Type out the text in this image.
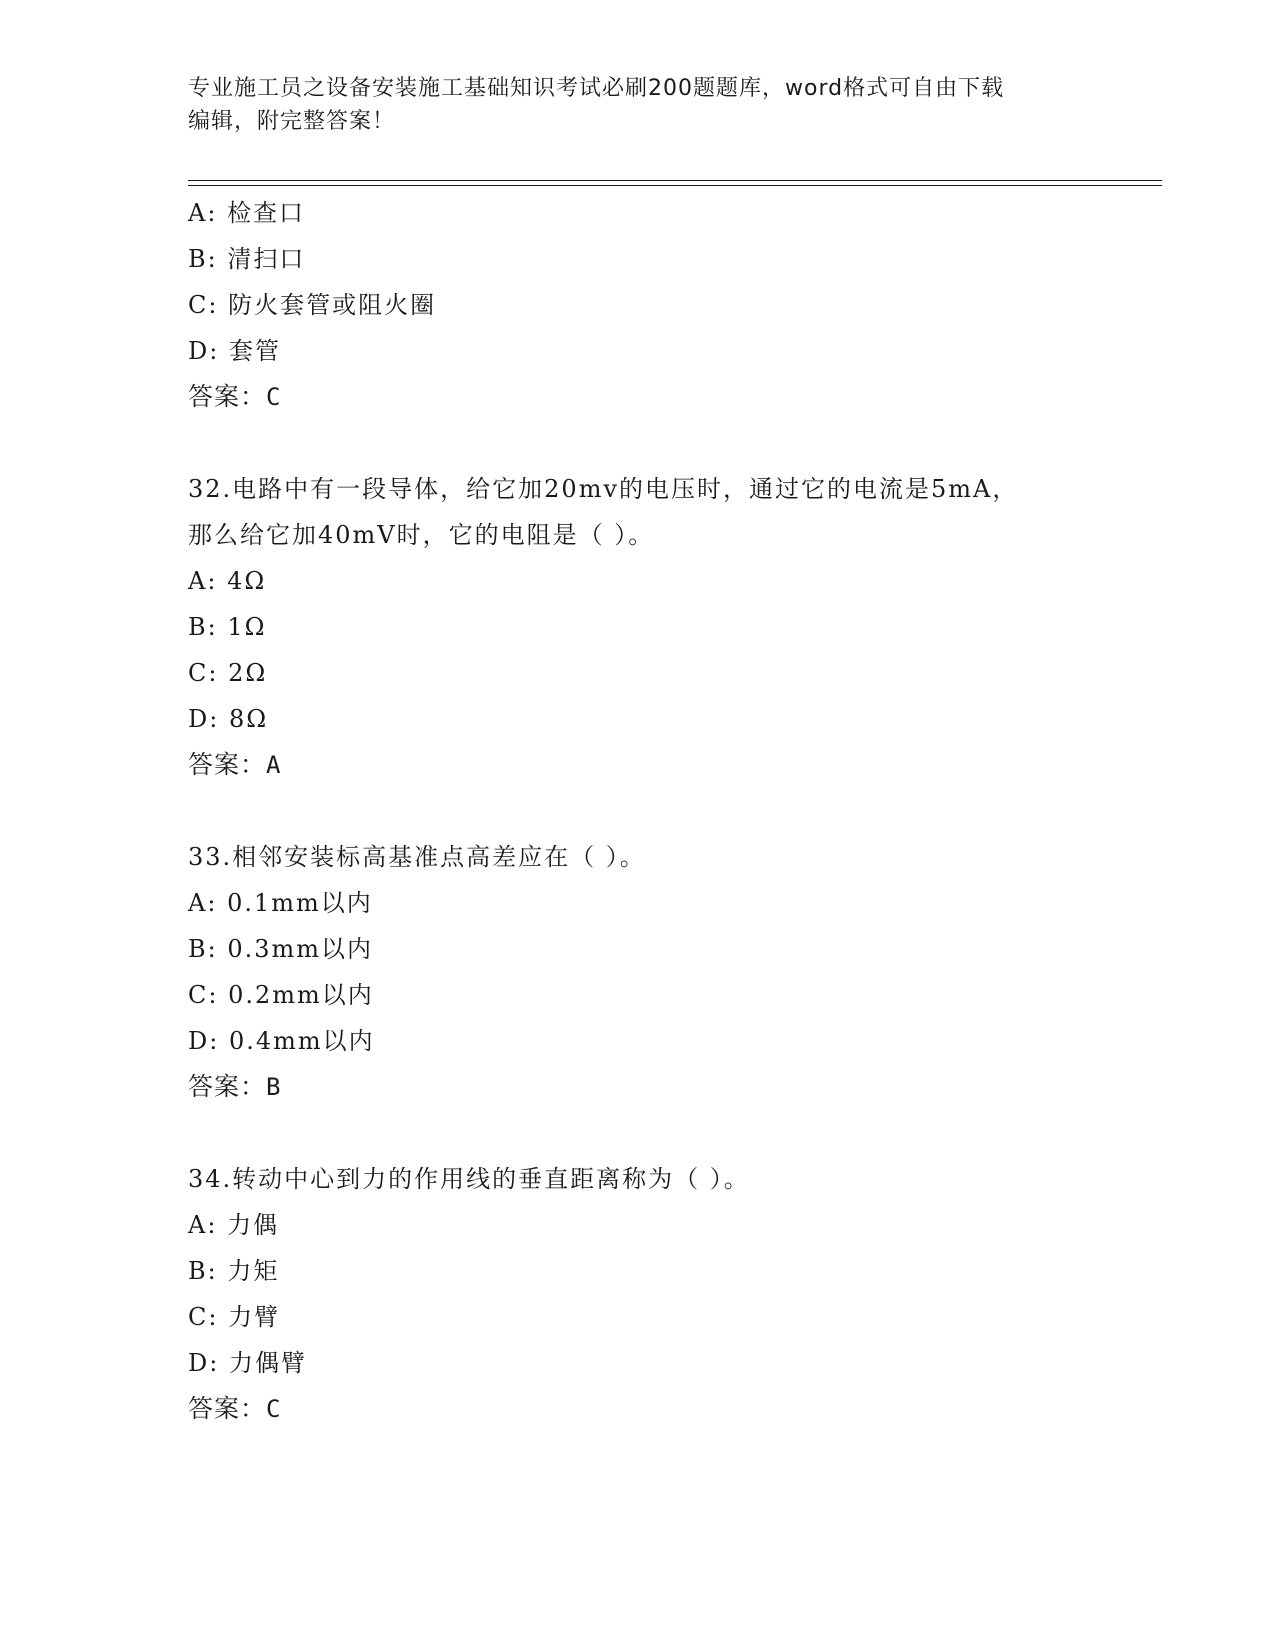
专业施工员之设备安装施工基础知识考试必刷200题题库，word格式可自由下载
编辑，附完整答案！
A: 检查口
B: 清扫口
C: 防火套管或阻火圈
D: 套管
答案：C
32.电路中有一段导体，给它加20mv的电压时，通过它的电流是5mA，
那么给它加40mV时，它的电阻是（ ）。
A: 4Ω
B: 1Ω
C: 2Ω
D: 8Ω
答案：A
33.相邻安装标高基准点高差应在（ ）。
A: 0.1mm以内
B: 0.3mm以内
C: 0.2mm以内
D: 0.4mm以内
答案：B
34.转动中心到力的作用线的垂直距离称为（ ）。
A: 力偶
B: 力矩
C: 力臂
D: 力偶臂
答案：C
